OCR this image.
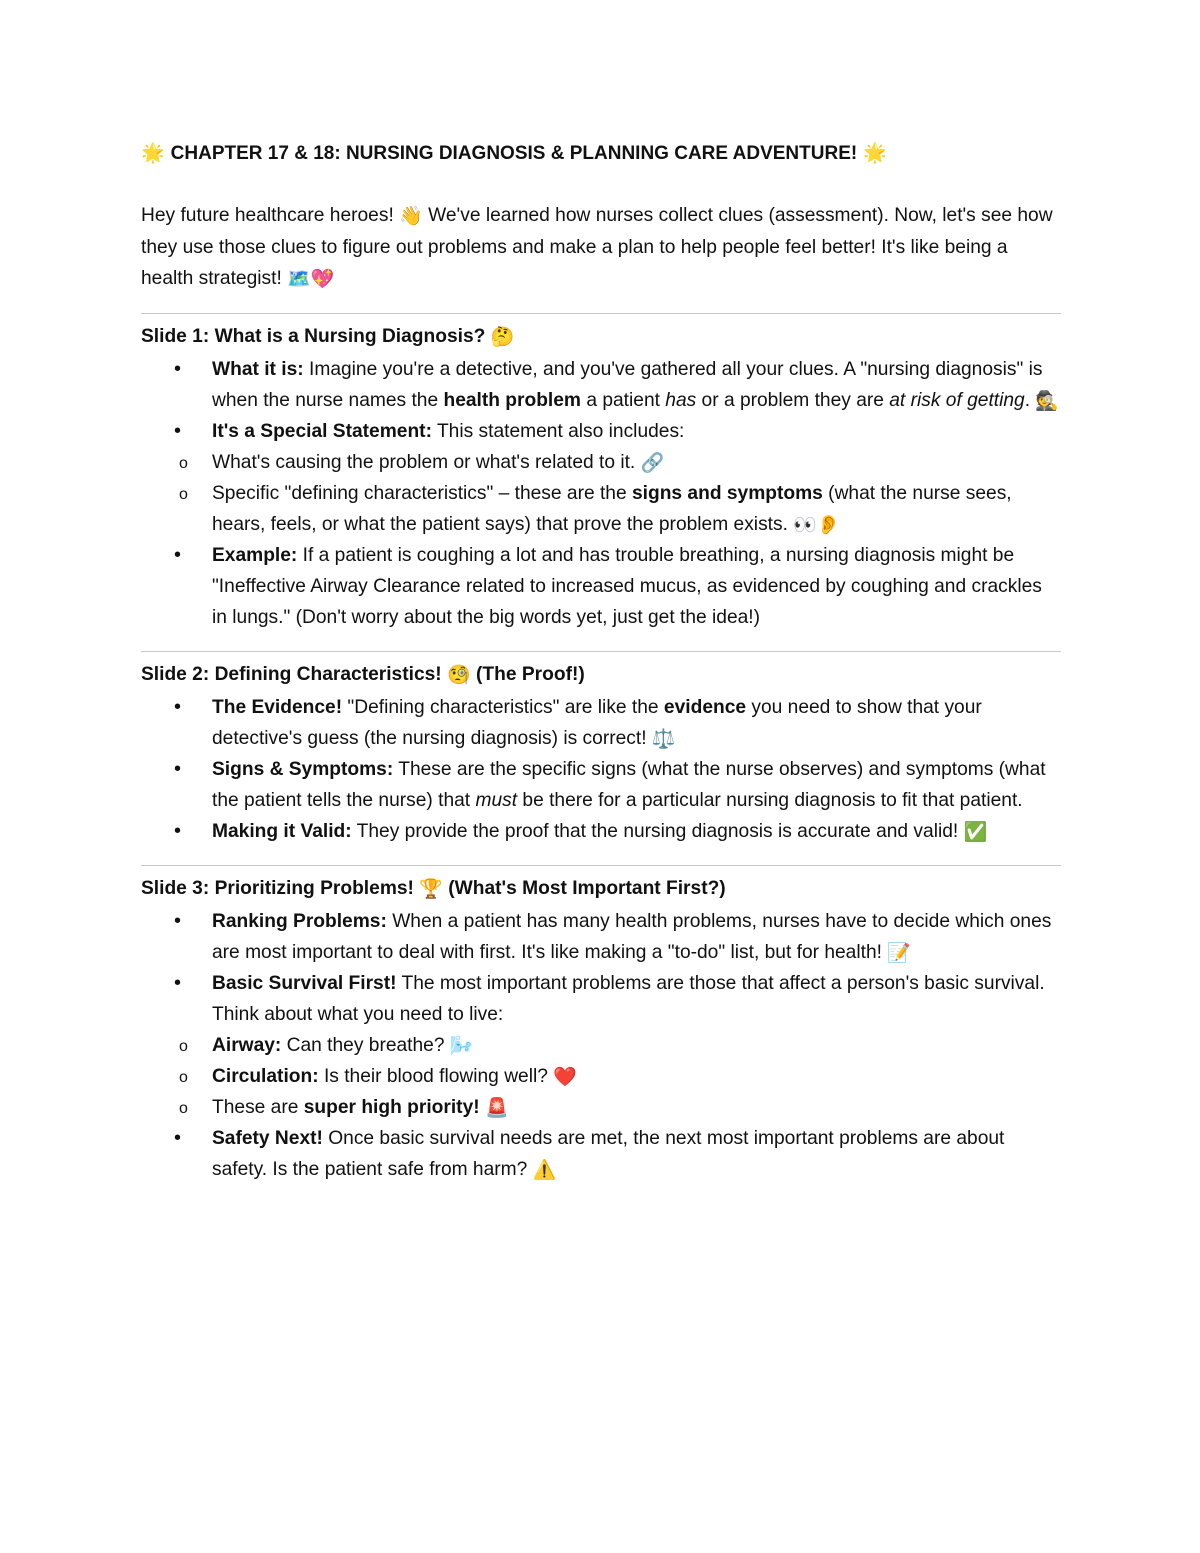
🌟 CHAPTER 17 & 18: NURSING DIAGNOSIS & PLANNING CARE ADVENTURE! 🌟

Hey future healthcare heroes! 👋 We've learned how nurses collect clues (assessment). Now, let's see how they use those clues to figure out problems and make a plan to help people feel better! It's like being a health strategist! 🗺️💖

Slide 1: What is a Nursing Diagnosis? 🤔
• What it is: Imagine you're a detective, and you've gathered all your clues. A "nursing diagnosis" is when the nurse names the health problem a patient has or a problem they are at risk of getting. 🕵️
• It's a Special Statement: This statement also includes:
o What's causing the problem or what's related to it. 🔗
o Specific "defining characteristics" – these are the signs and symptoms (what the nurse sees, hears, feels, or what the patient says) that prove the problem exists. 👀👂
• Example: If a patient is coughing a lot and has trouble breathing, a nursing diagnosis might be "Ineffective Airway Clearance related to increased mucus, as evidenced by coughing and crackles in lungs." (Don't worry about the big words yet, just get the idea!)
Slide 2: Defining Characteristics! 🧐 (The Proof!)
• The Evidence! "Defining characteristics" are like the evidence you need to show that your detective's guess (the nursing diagnosis) is correct! ⚖️
• Signs & Symptoms: These are the specific signs (what the nurse observes) and symptoms (what the patient tells the nurse) that must be there for a particular nursing diagnosis to fit that patient.
• Making it Valid: They provide the proof that the nursing diagnosis is accurate and valid! ✅
Slide 3: Prioritizing Problems! 🏆 (What's Most Important First?)
• Ranking Problems: When a patient has many health problems, nurses have to decide which ones are most important to deal with first. It's like making a "to-do" list, but for health! 📝
• Basic Survival First! The most important problems are those that affect a person's basic survival. Think about what you need to live:
o Airway: Can they breathe? 🌬️
o Circulation: Is their blood flowing well? ❤️
o These are super high priority! 🚨
• Safety Next! Once basic survival needs are met, the next most important problems are about safety. Is the patient safe from harm? ⚠️
